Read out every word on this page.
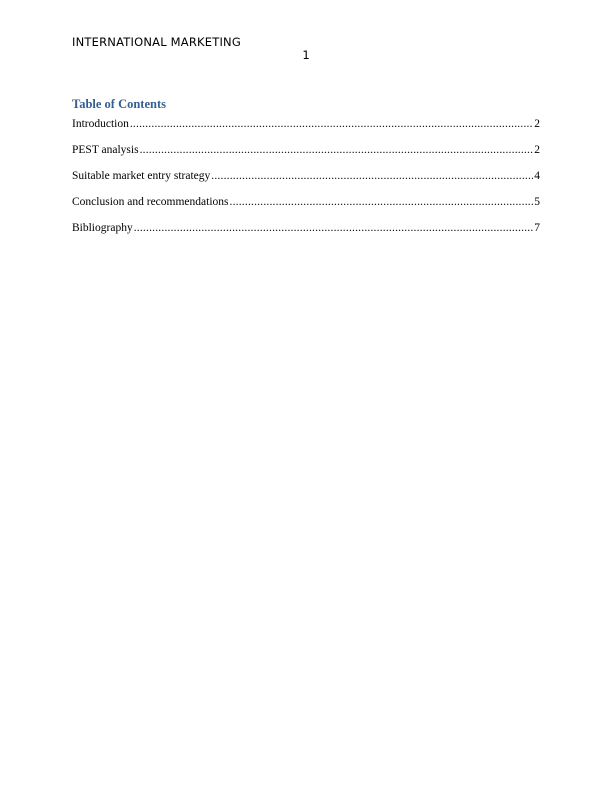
INTERNATIONAL MARKETING
1
Table of Contents
Introduction .....	2
PEST analysis .....	2
Suitable market entry strategy .....	4
Conclusion and recommendations .....	5
Bibliography .....	7
